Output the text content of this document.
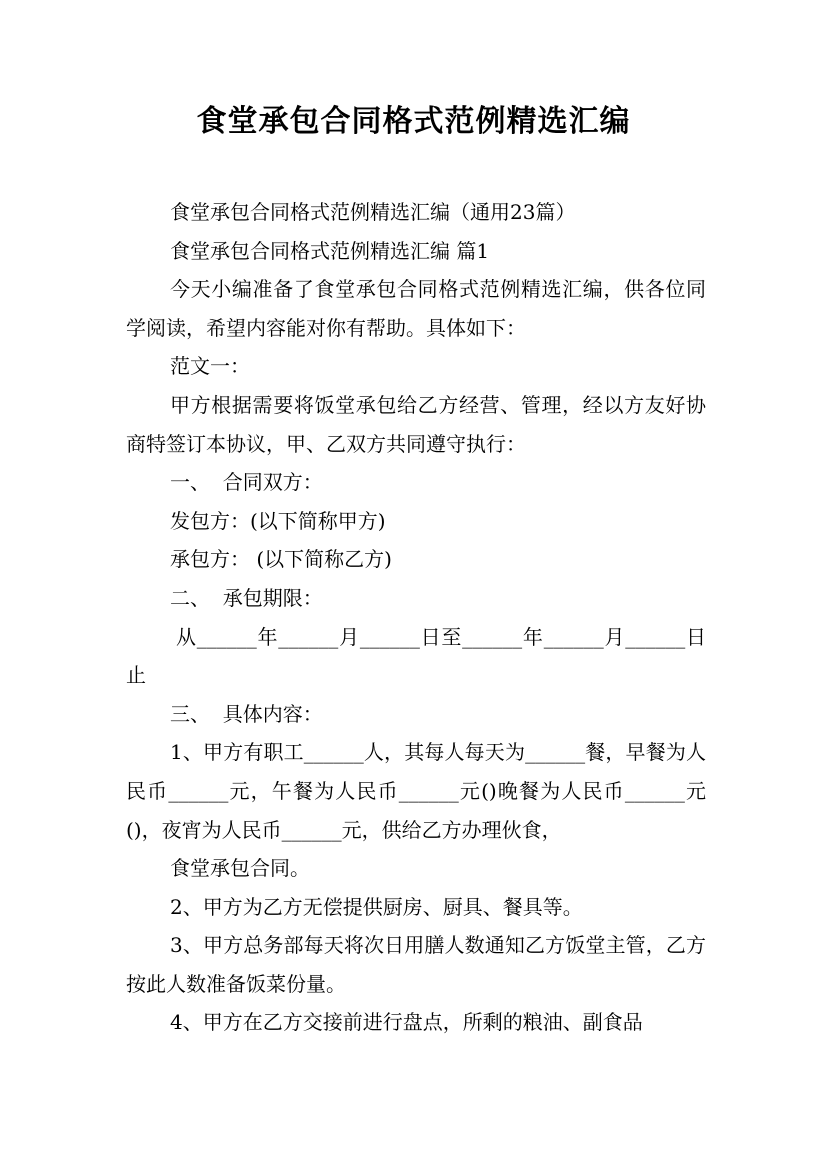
食堂承包合同格式范例精选汇编

食堂承包合同格式范例精选汇编（通用23篇）

食堂承包合同格式范例精选汇编 篇1

今天小编准备了食堂承包合同格式范例精选汇编，供各位同学阅读，希望内容能对你有帮助。具体如下：

范文一：

甲方根据需要将饭堂承包给乙方经营、管理，经以方友好协商特签订本协议，甲、乙双方共同遵守执行：

一、  合同双方：

发包方：(以下简称甲方)

承包方： (以下简称乙方)

二、  承包期限：

从______年______月______日至______年______月______日止

三、  具体内容：

1、甲方有职工______人，其每人每天为______餐，早餐为人民币______元，午餐为人民币______元()晚餐为人民币______元()，夜宵为人民币______元，供给乙方办理伙食，

食堂承包合同。

2、甲方为乙方无偿提供厨房、厨具、餐具等。

3、甲方总务部每天将次日用膳人数通知乙方饭堂主管，乙方按此人数准备饭菜份量。

4、甲方在乙方交接前进行盘点，所剩的粮油、副食品
